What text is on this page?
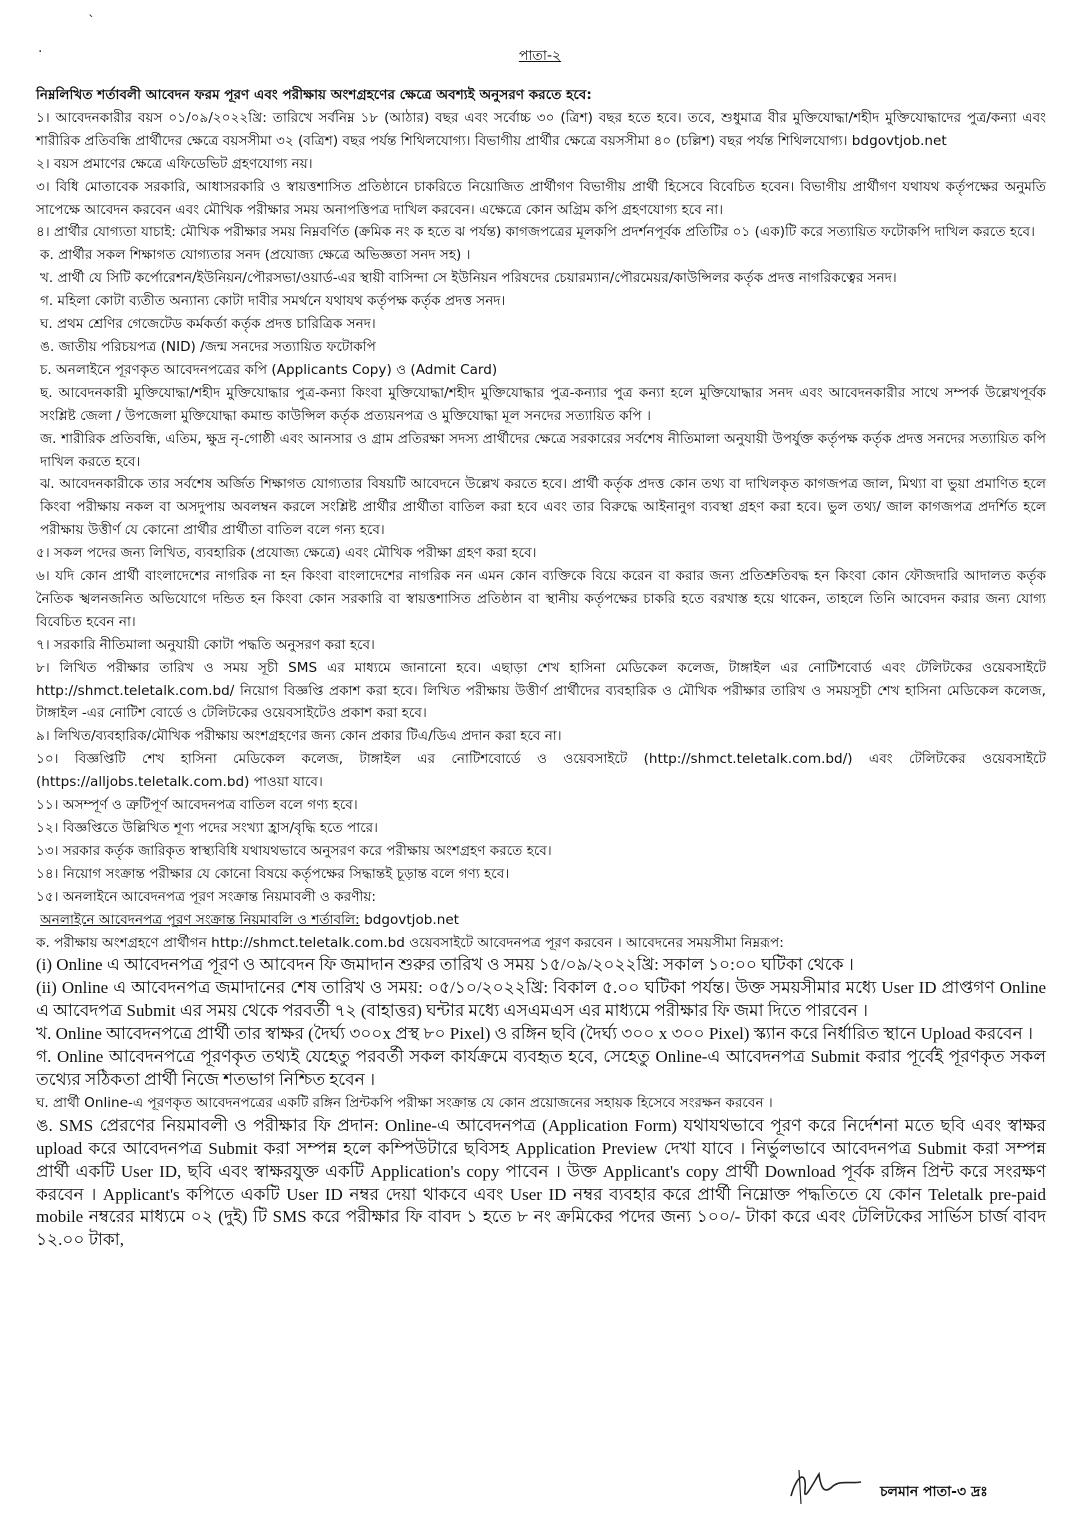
`
.	পাতা-২

নিম্নলিখিত শর্তাবলী আবেদন ফরম পূরণ এবং পরীক্ষায় অংশগ্রহণের ক্ষেত্রে অবশ্যই অনুসরণ করতে হবে:

১। আবেদনকারীর বয়স ০১/০৯/২০২২খ্রি: তারিখে সর্বনিম্ন ১৮ (আঠার) বছর এবং সর্বোচ্চ ৩০ (ত্রিশ) বছর হতে হবে। তবে, শুধুমাত্র বীর মুক্তিযোদ্ধা/শহীদ মুক্তিযোদ্ধাদের পুত্র/কন্যা এবং শারীরিক প্রতিবন্ধি প্রার্থীদের ক্ষেত্রে বয়সসীমা ৩২ (বত্রিশ) বছর পর্যন্ত শিথিলযোগ্য। বিভাগীয় প্রার্থীর ক্ষেত্রে বয়সসীমা ৪০ (চল্লিশ) বছর পর্যন্ত শিথিলযোগ্য। bdgovtjob.net

২। বয়স প্রমাণের ক্ষেত্রে এফিডেভিট গ্রহণযোগ্য নয়।

৩। বিধি মোতাবেক সরকারি, আধাসরকারি ও স্বায়ত্তশাসিত প্রতিষ্ঠানে চাকরিতে নিয়োজিত প্রার্থীগণ বিভাগীয় প্রার্থী হিসেবে বিবেচিত হবেন। বিভাগীয় প্রার্থীগণ যথাযথ কর্তৃপক্ষের অনুমতি সাপেক্ষে আবেদন করবেন এবং মৌখিক পরীক্ষার সময় অনাপত্তিপত্র দাখিল করবেন। এক্ষেত্রে কোন অগ্রিম কপি গ্রহণযোগ্য হবে না।

৪। প্রার্থীর যোগ্যতা যাচাই: মৌখিক পরীক্ষার সময় নিম্নবর্ণিত (ক্রমিক নং ক হতে ঝ পর্যন্ত) কাগজপত্রের মূলকপি প্রদর্শনপূর্বক প্রতিটির ০১ (এক)টি করে সত্যায়িত ফটোকপি দাখিল করতে হবে।

ক. প্রার্থীর সকল শিক্ষাগত যোগ্যতার সনদ (প্রযোজ্য ক্ষেত্রে অভিজ্ঞতা সনদ সহ) ।

খ. প্রার্থী যে সিটি কর্পোরেশন/ইউনিয়ন/পৌরসভা/ওয়ার্ড-এর স্থায়ী বাসিন্দা সে ইউনিয়ন পরিষদের চেয়ারম্যান/পৌরমেয়র/কাউন্সিলর কর্তৃক প্রদত্ত নাগরিকত্বের সনদ।

গ. মহিলা কোটা ব্যতীত অন্যান্য কোটা দাবীর সমর্থনে যথাযথ কর্তৃপক্ষ কর্তৃক প্রদত্ত সনদ।

ঘ. প্রথম শ্রেণির গেজেটেড কর্মকর্তা কর্তৃক প্রদত্ত চারিত্রিক সনদ।

ঙ. জাতীয় পরিচয়পত্র (NID) /জন্ম সনদের সত্যায়িত ফটোকপি

চ. অনলাইনে পূরণকৃত আবেদনপত্রের কপি (Applicants Copy) ও (Admit Card)

ছ. আবেদনকারী মুক্তিযোদ্ধা/শহীদ মুক্তিযোদ্ধার পুত্র-কন্যা কিংবা মুক্তিযোদ্ধা/শহীদ মুক্তিযোদ্ধার পুত্র-কন্যার পুত্র কন্যা হলে মুক্তিযোদ্ধার সনদ এবং আবেদনকারীর সাথে সম্পর্ক উল্লেখপূর্বক সংশ্লিষ্ট জেলা / উপজেলা মুক্তিযোদ্ধা কমান্ড কাউন্সিল কর্তৃক প্রত্যয়নপত্র ও মুক্তিযোদ্ধা মূল সনদের সত্যায়িত কপি ।

জ. শারীরিক প্রতিবন্ধি, এতিম, ক্ষুদ্র নৃ-গোষ্ঠী এবং আনসার ও গ্রাম প্রতিরক্ষা সদস্য প্রার্থীদের ক্ষেত্রে সরকারের সর্বশেষ নীতিমালা অনুযায়ী উপর্যুক্ত কর্তৃপক্ষ কর্তৃক প্রদত্ত সনদের সত্যায়িত কপি দাখিল করতে হবে।

ঝ. আবেদনকারীকে তার সর্বশেষ অর্জিত শিক্ষাগত যোগ্যতার বিষয়টি আবেদনে উল্লেখ করতে হবে। প্রার্থী কর্তৃক প্রদত্ত কোন তথ্য বা দাখিলকৃত কাগজপত্র জাল, মিথ্যা বা ভুয়া প্রমাণিত হলে কিংবা পরীক্ষায় নকল বা অসদুপায় অবলম্বন করলে সংশ্লিষ্ট প্রার্থীর প্রার্থীতা বাতিল করা হবে এবং তার বিরুদ্ধে আইনানুগ ব্যবস্থা গ্রহণ করা হবে। ভুল তথ্য/ জাল কাগজপত্র প্রদর্শিত হলে পরীক্ষায় উত্তীর্ণ যে কোনো প্রার্থীর প্রার্থীতা বাতিল বলে গন্য হবে।

৫। সকল পদের জন্য লিখিত, ব্যবহারিক (প্রযোজ্য ক্ষেত্রে) এবং মৌখিক পরীক্ষা গ্রহণ করা হবে।

৬। যদি কোন প্রার্থী বাংলাদেশের নাগরিক না হন কিংবা বাংলাদেশের নাগরিক নন এমন কোন ব্যক্তিকে বিয়ে করেন বা করার জন্য প্রতিশ্রুতিবদ্ধ হন কিংবা কোন ফৌজদারি আদালত কর্তৃক নৈতিক স্খলনজনিত অভিযোগে দন্ডিত হন কিংবা কোন সরকারি বা স্বায়ত্তশাসিত প্রতিষ্ঠান বা স্থানীয় কর্তৃপক্ষের চাকরি হতে বরখাস্ত হয়ে থাকেন, তাহলে তিনি আবেদন করার জন্য যোগ্য বিবেচিত হবেন না।

৭। সরকারি নীতিমালা অনুযায়ী কোটা পদ্ধতি অনুসরণ করা হবে।

৮। লিখিত পরীক্ষার তারিখ ও সময় সূচী SMS এর মাধ্যমে জানানো হবে। এছাড়া শেখ হাসিনা মেডিকেল কলেজ, টাঙ্গাইল এর নোটিশবোর্ড এবং টেলিটকের ওয়েবসাইটে http://shmct.teletalk.com.bd/ নিয়োগ বিজ্ঞপ্তি প্রকাশ করা হবে। লিখিত পরীক্ষায় উত্তীর্ণ প্রার্থীদের ব্যবহারিক ও মৌখিক পরীক্ষার তারিখ ও সময়সূচী শেখ হাসিনা মেডিকেল কলেজ, টাঙ্গাইল -এর নোটিশ বোর্ডে ও টেলিটকের ওয়েবসাইটেও প্রকাশ করা হবে।

৯। লিখিত/ব্যবহারিক/মৌখিক পরীক্ষায় অংশগ্রহণের জন্য কোন প্রকার টিএ/ডিএ প্রদান করা হবে না।

১০। বিজ্ঞপ্তিটি শেখ হাসিনা মেডিকেল কলেজ, টাঙ্গাইল এর নোটিশবোর্ডে ও ওয়েবসাইটে (http://shmct.teletalk.com.bd/) এবং টেলিটকের ওয়েবসাইটে (https://alljobs.teletalk.com.bd) পাওয়া যাবে।

১১। অসম্পূর্ণ ও ত্রুটিপূর্ণ আবেদনপত্র বাতিল বলে গণ্য হবে।

১২। বিজ্ঞপ্তিতে উল্লিখিত শূণ্য পদের সংখ্যা হ্রাস/বৃদ্ধি হতে পারে।

১৩। সরকার কর্তৃক জারিকৃত স্বাস্থ্যবিধি যথাযথভাবে অনুসরণ করে পরীক্ষায় অংশগ্রহণ করতে হবে।

১৪। নিয়োগ সংক্রান্ত পরীক্ষার যে কোনো বিষয়ে কর্তৃপক্ষের সিদ্ধান্তই চূড়ান্ত বলে গণ্য হবে।

১৫। অনলাইনে আবেদনপত্র পূরণ সংক্রান্ত নিয়মাবলী ও করণীয়:

অনলাইনে আবেদনপত্র পূরণ সংক্রান্ত নিয়মাবলি ও শর্তাবলি: bdgovtjob.net

ক. পরীক্ষায় অংশগ্রহণে প্রার্থীগন http://shmct.teletalk.com.bd ওয়েবসাইটে আবেদনপত্র পূরণ করবেন । আবেদনের সময়সীমা নিম্নরূপ:

(i) Online এ আবেদনপত্র পূরণ ও আবেদন ফি জমাদান শুরুর তারিখ ও সময় ১৫/০৯/২০২২খ্রি: সকাল ১০:০০ ঘটিকা থেকে ।

(ii) Online এ আবেদনপত্র জমাদানের শেষ তারিখ ও সময়: ০৫/১০/২০২২খ্রি: বিকাল ৫.০০ ঘটিকা পর্যন্ত। উক্ত সময়সীমার মধ্যে User ID প্রাপ্তগণ Online এ আবেদপত্র Submit এর সময় থেকে পরবর্তী ৭২ (বাহাত্তর) ঘন্টার মধ্যে এসএমএস এর মাধ্যমে পরীক্ষার ফি জমা দিতে পারবেন ।

খ. Online আবেদনপত্রে প্রার্থী তার স্বাক্ষর (দৈর্ঘ্য ৩০০x প্রস্থ ৮০ Pixel) ও রঙ্গিন ছবি (দৈর্ঘ্য ৩০০ x ৩০০ Pixel) স্ক্যান করে নির্ধারিত স্থানে Upload করবেন ।

গ. Online আবেদনপত্রে পূরণকৃত তথ্যই যেহেতু পরবর্তী সকল কার্যক্রমে ব্যবহৃত হবে, সেহেতু Online-এ আবেদনপত্র Submit করার পূর্বেই পূরণকৃত সকল তথ্যের সঠিকতা প্রার্থী নিজে শতভাগ নিশ্চিত হবেন ।

ঘ. প্রার্থী Online-এ পূরণকৃত আবেদনপত্রের একটি রঙ্গিন প্রিন্টকপি পরীক্ষা সংক্রান্ত যে কোন প্রয়োজনের সহায়ক হিসেবে সংরক্ষন করবেন ।

ঙ. SMS প্রেরণের নিয়মাবলী ও পরীক্ষার ফি প্রদান: Online-এ আবেদনপত্র (Application Form) যথাযথভাবে পূরণ করে নির্দেশনা মতে ছবি এবং স্বাক্ষর upload করে আবেদনপত্র Submit করা সম্পন্ন হলে কম্পিউটারে ছবিসহ Application Preview দেখা যাবে । নির্ভুলভাবে আবেদনপত্র Submit করা সম্পন্ন প্রার্থী একটি User ID, ছবি এবং স্বাক্ষরযুক্ত একটি Application's copy পাবেন । উক্ত Applicant's copy প্রার্থী Download পূর্বক রঙ্গিন প্রিন্ট করে সংরক্ষণ করবেন । Applicant's কপিতে একটি User ID নম্বর দেয়া থাকবে এবং User ID নম্বর ব্যবহার করে প্রার্থী নিম্নোক্ত পদ্ধতিতে যে কোন Teletalk pre-paid mobile নম্বরের মাধ্যমে ০২ (দুই) টি SMS করে পরীক্ষার ফি বাবদ ১ হতে ৮ নং ক্রমিকের পদের জন্য ১০০/- টাকা করে এবং টেলিটকের সার্ভিস চার্জ বাবদ ১২.০০ টাকা,

চলমান পাতা-৩ দ্রঃ
